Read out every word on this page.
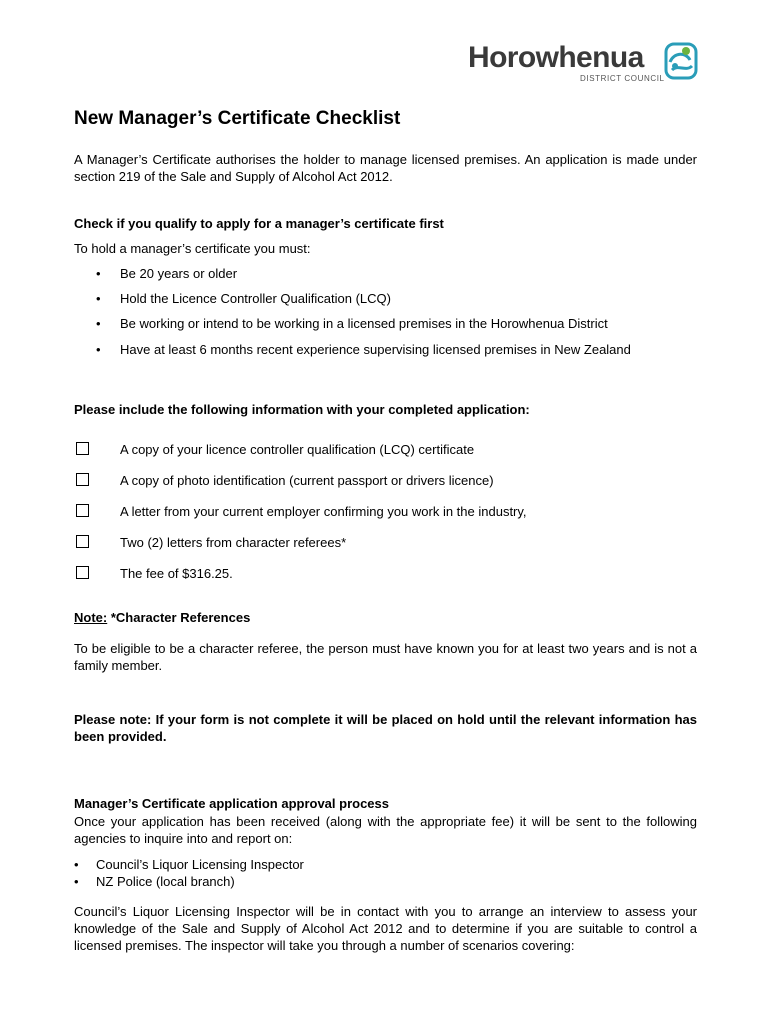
Horowhenua
DISTRICT COUNCIL
New Manager’s Certificate Checklist
A Manager’s Certificate authorises the holder to manage licensed premises. An application is made under section 219 of the Sale and Supply of Alcohol Act 2012.
Check if you qualify to apply for a manager’s certificate first
To hold a manager’s certificate you must:
• Be 20 years or older
• Hold the Licence Controller Qualification (LCQ)
• Be working or intend to be working in a licensed premises in the Horowhenua District
• Have at least 6 months recent experience supervising licensed premises in New Zealand
Please include the following information with your completed application:
A copy of your licence controller qualification (LCQ) certificate
A copy of photo identification (current passport or drivers licence)
A letter from your current employer confirming you work in the industry,
Two (2) letters from character referees*
The fee of $316.25.
Note: *Character References
To be eligible to be a character referee, the person must have known you for at least two years and is not a family member.
Please note: If your form is not complete it will be placed on hold until the relevant information has been provided.
Manager’s Certificate application approval process
Once your application has been received (along with the appropriate fee) it will be sent to the following agencies to inquire into and report on:
• Council’s Liquor Licensing Inspector
• NZ Police (local branch)
Council’s Liquor Licensing Inspector will be in contact with you to arrange an interview to assess your knowledge of the Sale and Supply of Alcohol Act 2012 and to determine if you are suitable to control a licensed premises. The inspector will take you through a number of scenarios covering:
